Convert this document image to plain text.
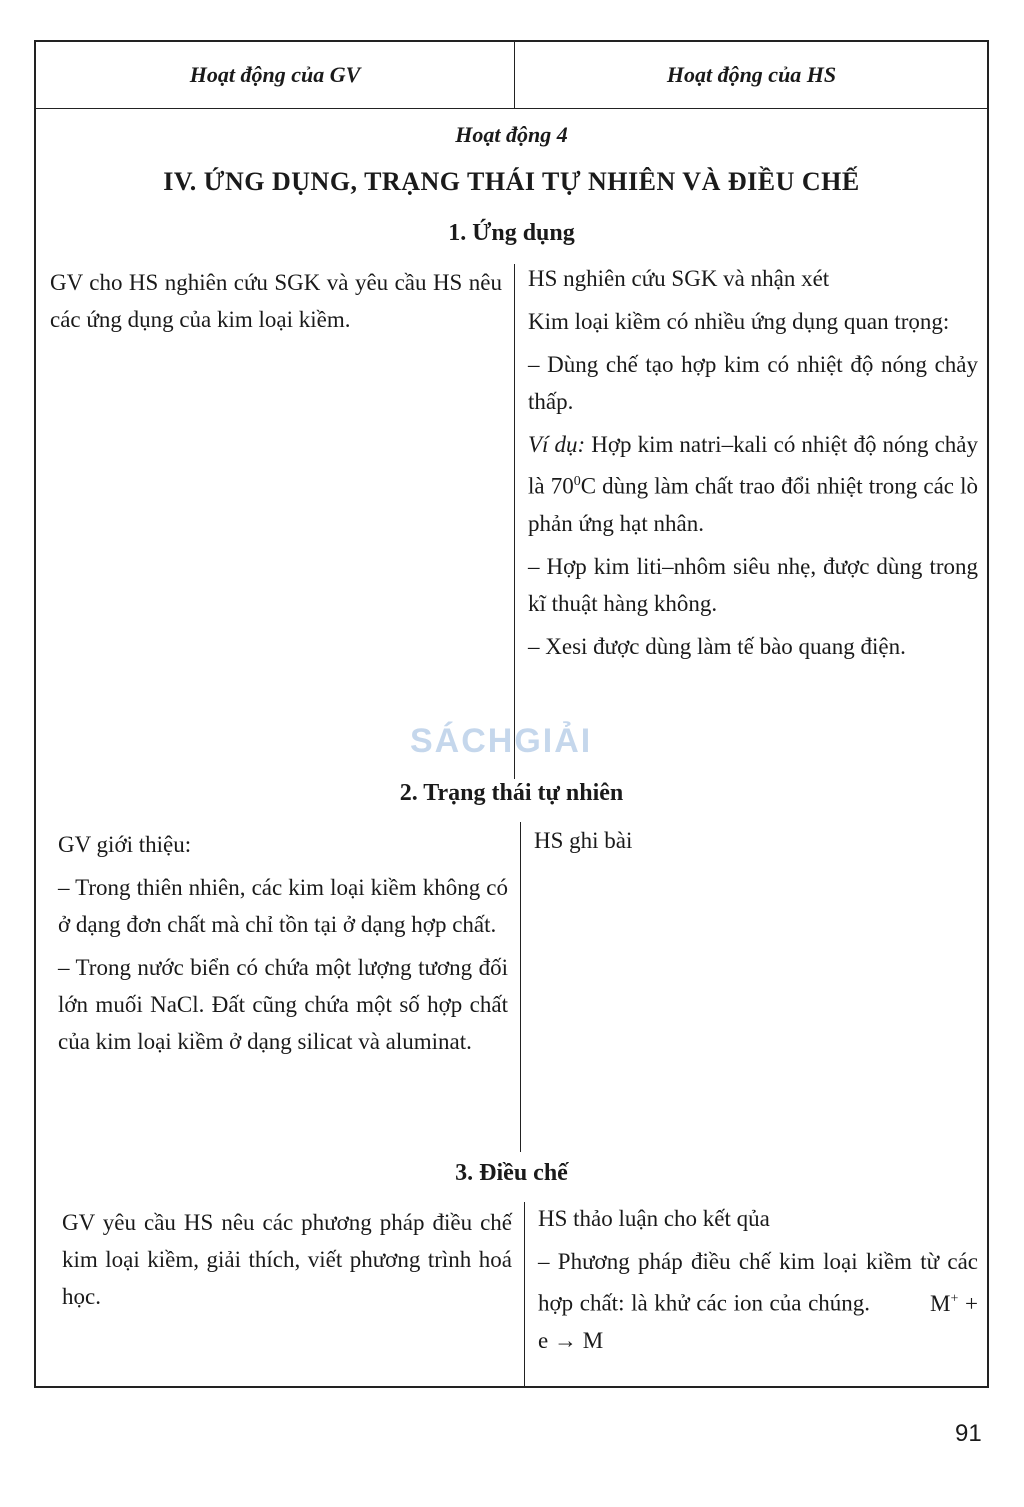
Hoạt động của GV	Hoạt động của HS
Hoạt động 4
IV. ỨNG DỤNG, TRẠNG THÁI TỰ NHIÊN VÀ ĐIỀU CHẾ
1. Ứng dụng
GV cho HS nghiên cứu SGK và yêu cầu HS nêu các ứng dụng của kim loại kiềm.

HS nghiên cứu SGK và nhận xét

Kim loại kiềm có nhiều ứng dụng quan trọng:

– Dùng chế tạo hợp kim có nhiệt độ nóng chảy thấp.

Ví dụ: Hợp kim natri–kali có nhiệt độ nóng chảy là $70^0C$ dùng làm chất trao đổi nhiệt trong các lò phản ứng hạt nhân.

– Hợp kim liti–nhôm siêu nhẹ, được dùng trong kĩ thuật hàng không.

– Xesi được dùng làm tế bào quang điện.

2. Trạng thái tự nhiên

GV giới thiệu:

– Trong thiên nhiên, các kim loại kiềm không có ở dạng đơn chất mà chỉ tồn tại ở dạng hợp chất.

– Trong nước biển có chứa một lượng tương đối lớn muối NaCl. Đất cũng chứa một số hợp chất của kim loại kiềm ở dạng silicat và aluminat.

HS ghi bài
3. Điều chế
GV yêu cầu HS nêu các phương pháp điều chế kim loại kiềm, giải thích, viết phương trình hoá học.

HS thảo luận cho kết qủa

– Phương pháp điều chế kim loại kiềm từ các hợp chất: là khử các ion của chúng.	M+ + e → M

SÁCHGIẢI
91
